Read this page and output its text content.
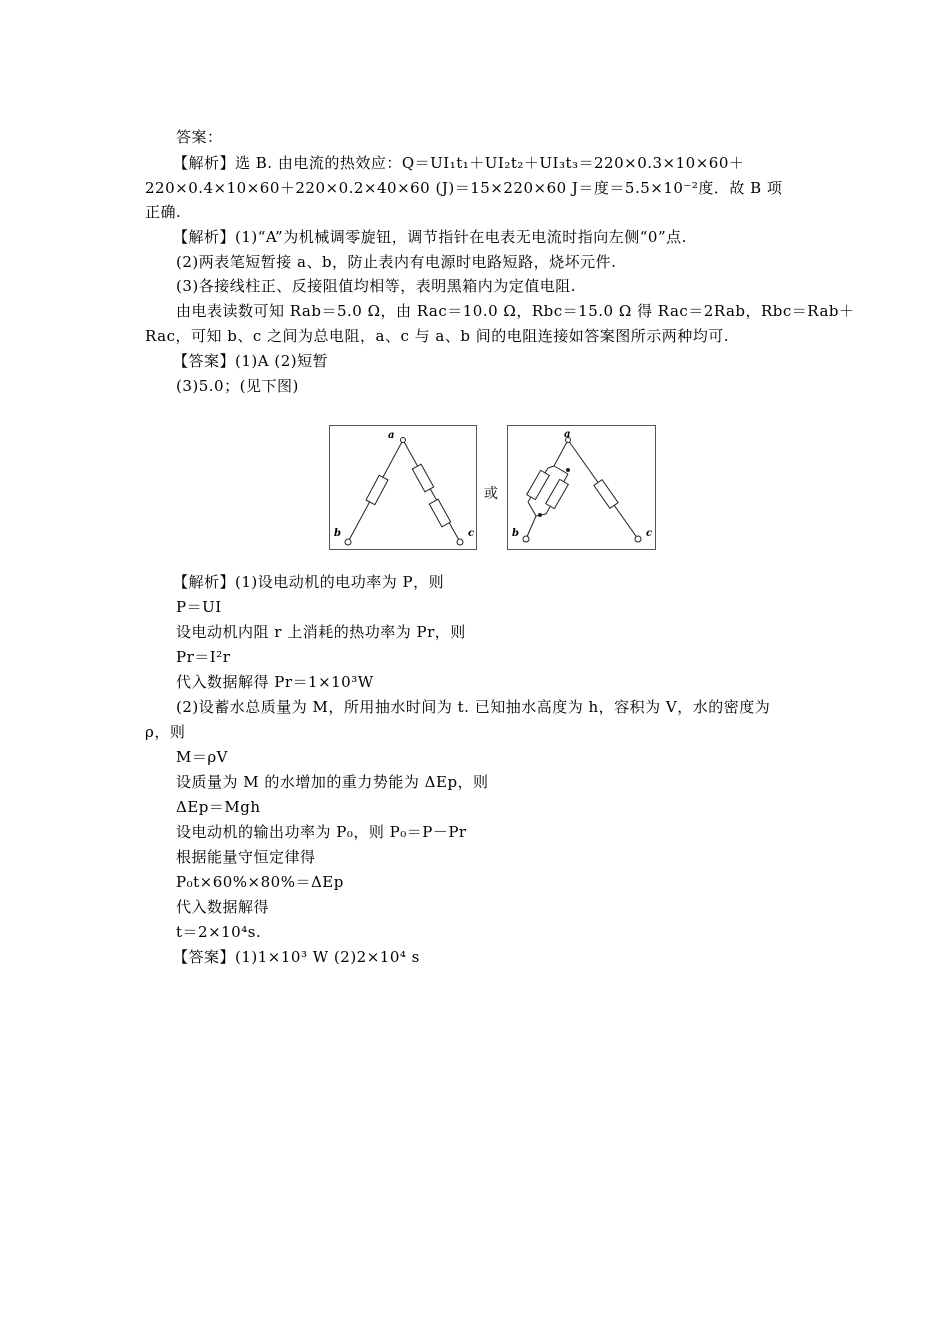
答案：
【解析】选 B. 由电流的热效应：Q＝UI₁t₁＋UI₂t₂＋UI₃t₃＝220×0.3×10×60＋
220×0.4×10×60＋220×0.2×40×60 (J)＝15×220×60 J＝度＝5.5×10⁻²度．故 B 项
正确.
【解析】(1)“A”为机械调零旋钮，调节指针在电表无电流时指向左侧“0”点.
(2)两表笔短暂接 a、b，防止表内有电源时电路短路，烧坏元件.
(3)各接线柱正、反接阻值均相等，表明黑箱内为定值电阻.
由电表读数可知 Rab＝5.0 Ω，由 Rac＝10.0 Ω，Rbc＝15.0 Ω 得 Rac＝2Rab，Rbc＝Rab＋
Rac，可知 b、c 之间为总电阻，a、c 与 a、b 间的电阻连接如答案图所示两种均可.
【答案】(1)A (2)短暂
(3)5.0；(见下图)
a
b	c
或
a
b	c
【解析】(1)设电动机的电功率为 P，则
P＝UI
设电动机内阻 r 上消耗的热功率为 Pr，则
Pr＝I²r
代入数据解得 Pr＝1×10³W
(2)设蓄水总质量为 M，所用抽水时间为 t. 已知抽水高度为 h，容积为 V，水的密度为
ρ，则
M＝ρV
设质量为 M 的水增加的重力势能为 ΔEp，则
ΔEp＝Mgh
设电动机的输出功率为 P₀，则 P₀＝P－Pr
根据能量守恒定律得
P₀t×60%×80%＝ΔEp
代入数据解得
t＝2×10⁴s.
【答案】(1)1×10³ W (2)2×10⁴ s
